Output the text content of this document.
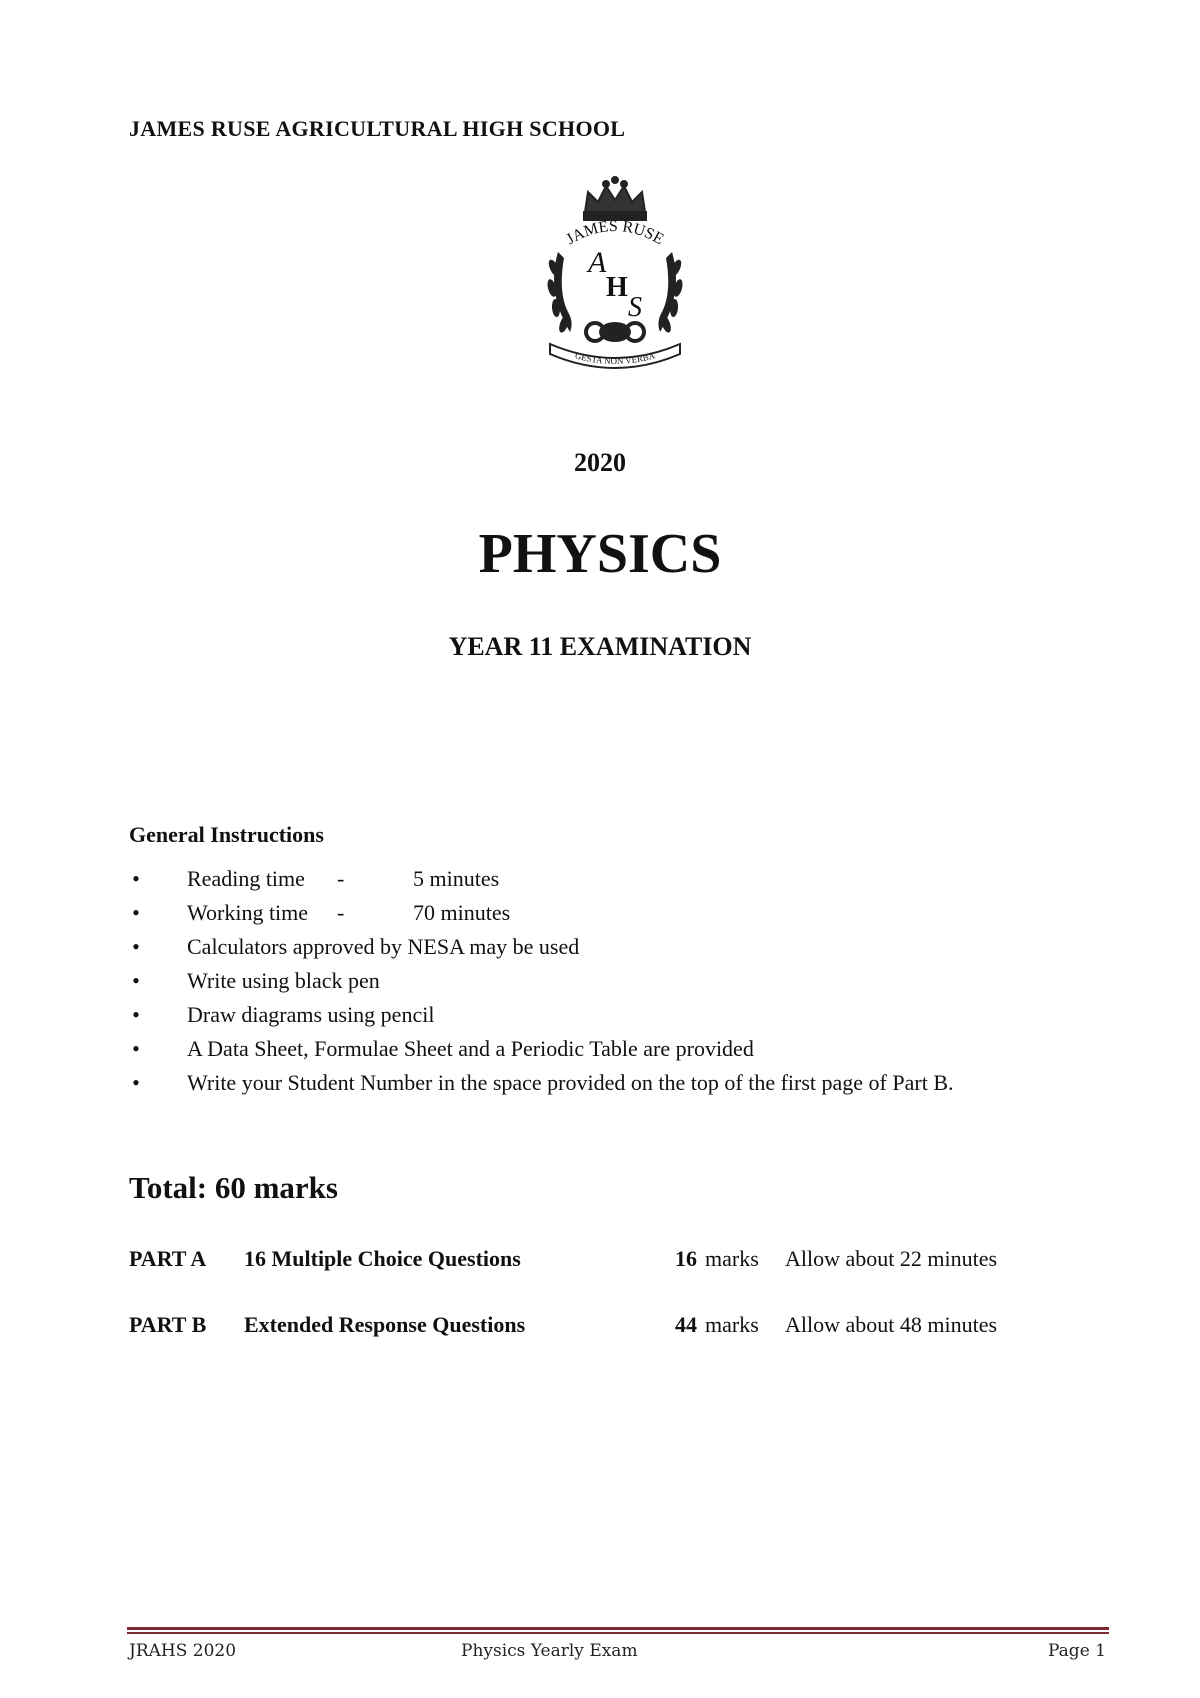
JAMES RUSE AGRICULTURAL HIGH SCHOOL
JAMES RUSE
A
H
S
GESTA NON VERBA
2020
PHYSICS
YEAR 11 EXAMINATION
General Instructions
• Reading time -	5 minutes
• Working time -	70 minutes
• Calculators approved by NESA may be used
• Write using black pen
• Draw diagrams using pencil
• A Data Sheet, Formulae Sheet and a Periodic Table are provided
• Write your Student Number in the space provided on the top of the first page of Part B.
Total: 60 marks
PART A 16 Multiple Choice Questions	16 marks Allow about 22 minutes
PART B Extended Response Questions	44 marks Allow about 48 minutes
JRAHS 2020	Physics Yearly Exam	Page 1
